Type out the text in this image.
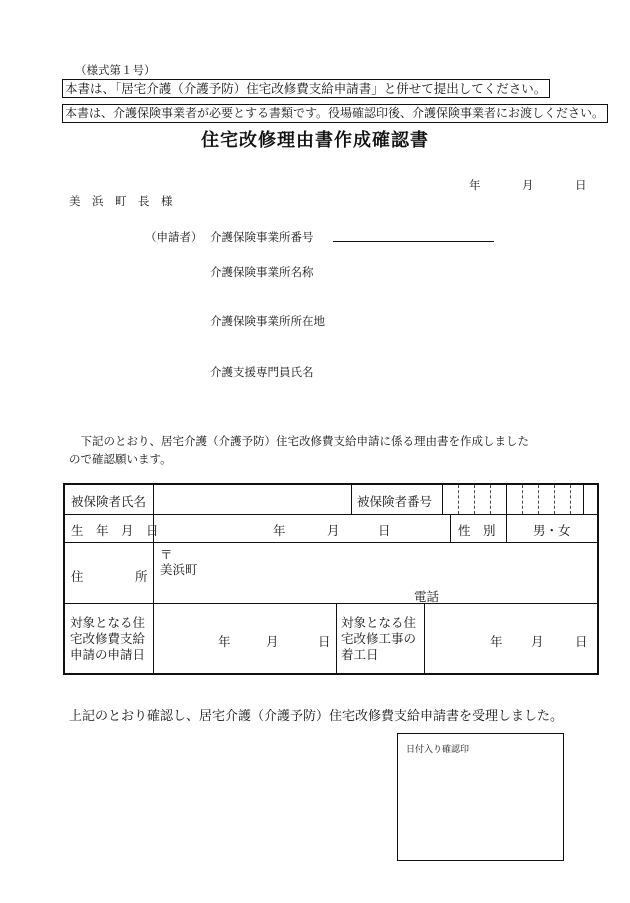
（様式第１号）
本書は、「居宅介護（介護予防）住宅改修費支給申請書」と併せて提出してください。
本書は、介護保険事業者が必要とする書類です。役場確認印後、介護保険事業者にお渡しください。
住宅改修理由書作成確認書
年	月	日
美　浜　町　長　様
（申請者） 介護保険事業所番号
介護保険事業所名称
介護保険事業所所在地
介護支援専門員氏名
　下記のとおり、居宅介護（介護予防）住宅改修費支給申請に係る理由書を作成しました
ので確認願います。
被保険者氏名	被保険者番号
生　年　月　日	年	月	日	性　別	男・女
住	所
〒
美浜町
電話
対象となる住
宅改修費支給
申請の申請日
年	月	日
対象となる住
宅改修工事の
着工日
年 月	日
上記のとおり確認し、居宅介護（介護予防）住宅改修費支給申請書を受理しました。
日付入り確認印
